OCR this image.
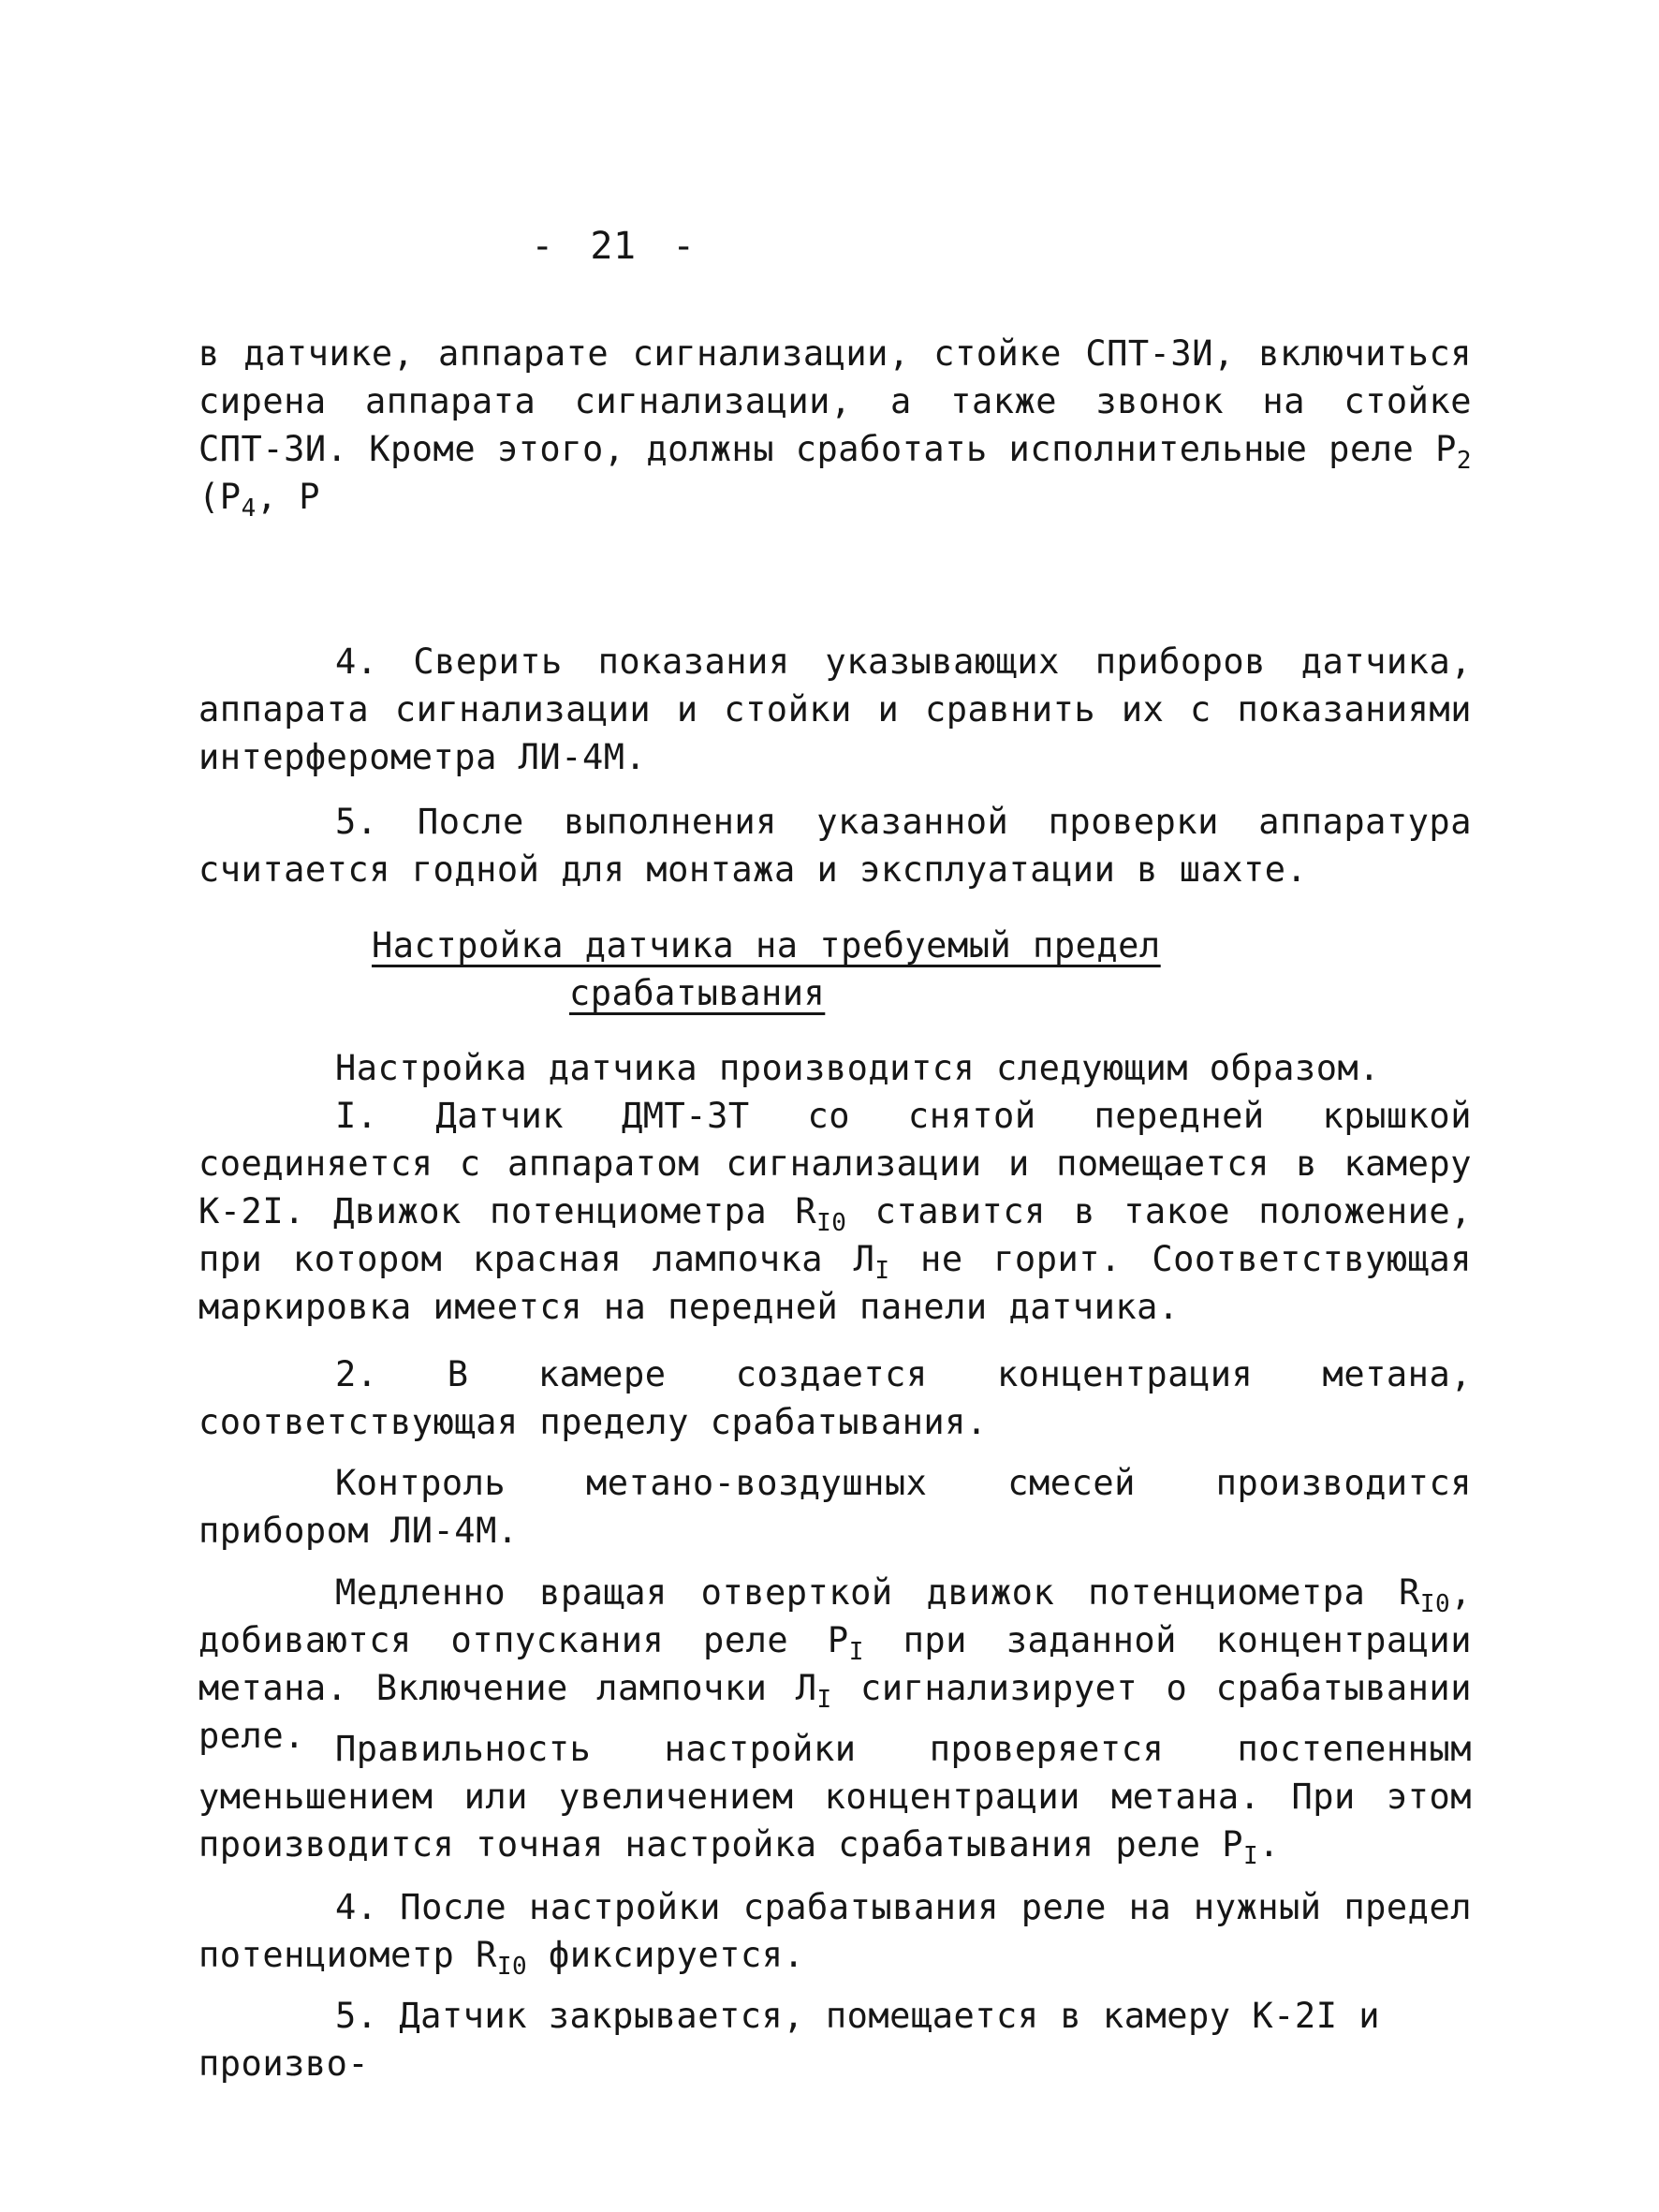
- 21 -

в датчике, аппарате сигнализации, стойке СПТ-3И, включиться сирена аппарата сигнализации, а также звонок на стойке СПТ-3И. Кроме этого, должны сработать исполнительные реле $Р_2$ ($Р_4$, Р

4. Сверить показания указывающих приборов датчика, аппарата сигнализации и стойки и сравнить их с показаниями интерферометра ЛИ-4М.

5. После выполнения указанной проверки аппаратура считается годной для монтажа и эксплуатации в шахте.

Настройка датчика на требуемый предел
срабатывания

Настройка датчика производится следующим образом.

I. Датчик ДМТ-3Т со снятой передней крышкой соединяется с аппаратом сигнализации и помещается в камеру К-2I. Движок потенциометра $R_{I0}$ ставится в такое положение, при котором красная лампочка $Л_I$ не горит. Соответствующая маркировка имеется на передней панели датчика.

2. В камере создается концентрация метана, соответствующая пределу срабатывания.

Контроль метано-воздушных смесей производится прибором ЛИ-4М.

Медленно вращая отверткой движок потенциометра $R_{I0}$, добиваются отпускания реле $Р_I$ при заданной концентрации метана. Включение лампочки $Л_I$ сигнализирует о срабатывании реле. Правильность настройки проверяется постепенным уменьшением или увеличением концентрации метана. При этом производится точная настройка срабатывания реле $Р_I$.

4. После настройки срабатывания реле на нужный предел потенциометр $R_{I0}$ фиксируется.

5. Датчик закрывается, помещается в камеру К-2I и произво-
